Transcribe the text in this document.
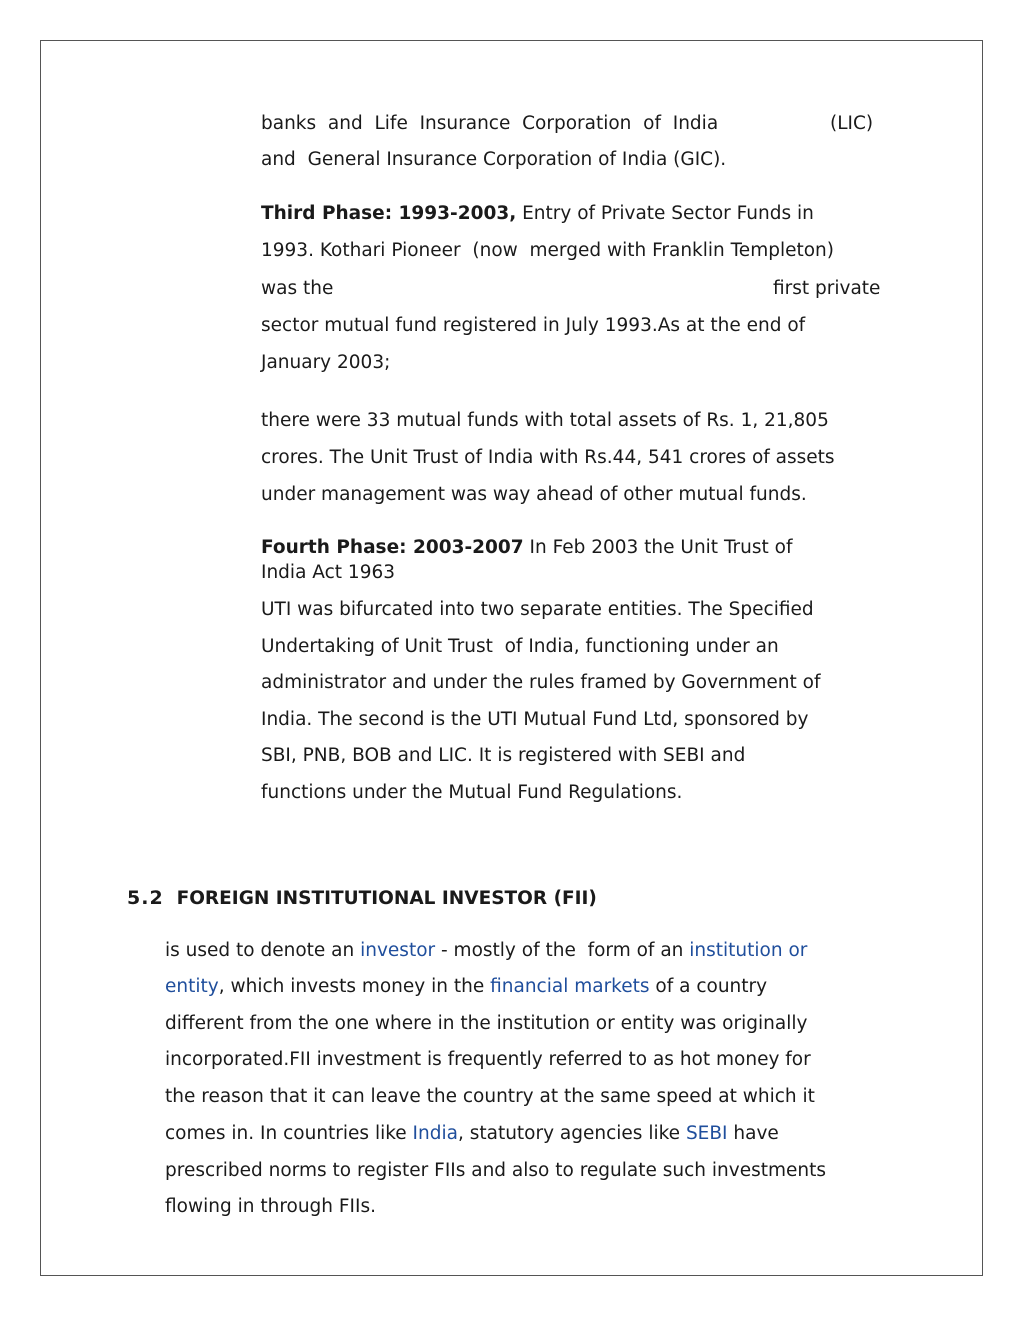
banks  and  Life  Insurance  Corporation  of  India	(LIC)
and  General Insurance Corporation of India (GIC).
Third Phase: 1993-2003, Entry of Private Sector Funds in
1993. Kothari Pioneer  (now  merged with Franklin Templeton)
was the	first private
sector mutual fund registered in July 1993.As at the end of
January 2003;
there were 33 mutual funds with total assets of Rs. 1, 21,805
crores. The Unit Trust of India with Rs.44, 541 crores of assets
under management was way ahead of other mutual funds.
Fourth Phase: 2003-2007 In Feb 2003 the Unit Trust of
India Act 1963
UTI was bifurcated into two separate entities. The Specified
Undertaking of Unit Trust  of India, functioning under an
administrator and under the rules framed by Government of
India. The second is the UTI Mutual Fund Ltd, sponsored by
SBI, PNB, BOB and LIC. It is registered with SEBI and
functions under the Mutual Fund Regulations.
5.2 FOREIGN INSTITUTIONAL INVESTOR (FII)
is used to denote an investor - mostly of the  form of an institution or
entity, which invests money in the financial markets of a country
different from the one where in the institution or entity was originally
incorporated.FII investment is frequently referred to as hot money for
the reason that it can leave the country at the same speed at which it
comes in. In countries like India, statutory agencies like SEBI have
prescribed norms to register FIIs and also to regulate such investments
flowing in through FIIs.
